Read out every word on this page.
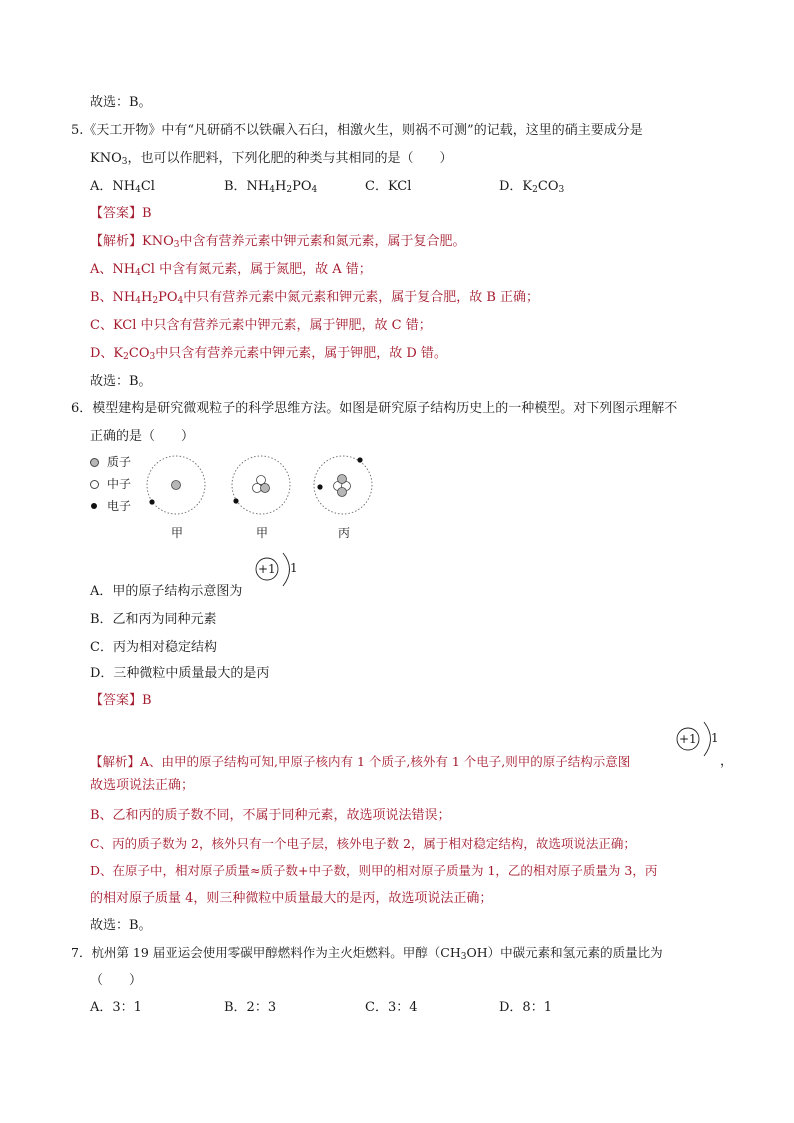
故选：B。
5.《天工开物》中有“凡研硝不以铁碾入石臼，相激火生，则祸不可测”的记载，这里的硝主要成分是
$KNO_3$，也可以作肥料，下列化肥的种类与其相同的是（　　）
A．$NH_4Cl$	B．$NH_4H_2PO_4$	C．KCl	D．$K_2CO_3$
【答案】B
【解析】$KNO_3$中含有营养元素中钾元素和氮元素，属于复合肥。
A、$NH_4Cl$ 中含有氮元素，属于氮肥，故 A 错；
B、$NH_4H_2PO_4$中只有营养元素中氮元素和钾元素，属于复合肥，故 B 正确；
C、KCl 中只含有营养元素中钾元素，属于钾肥，故 C 错；
D、$K_2CO_3$中只含有营养元素中钾元素，属于钾肥，故 D 错。
故选：B。
6．模型建构是研究微观粒子的科学思维方法。如图是研究原子结构历史上的一种模型。对下列图示理解不
正确的是（　　）
质子
中子
电子
甲	甲	丙
A．甲的原子结构示意图为
+1 1
B．乙和丙为同种元素
C．丙为相对稳定结构
D．三种微粒中质量最大的是丙
【答案】B
+1 1
【解析】A、由甲的原子结构可知,甲原子核内有 1 个质子,核外有 1 个电子,则甲的原子结构示意图	，
故选项说法正确；
B、乙和丙的质子数不同，不属于同种元素，故选项说法错误；
C、丙的质子数为 2，核外只有一个电子层，核外电子数 2，属于相对稳定结构，故选项说法正确；
D、在原子中，相对原子质量≈质子数+中子数，则甲的相对原子质量为 1，乙的相对原子质量为 3，丙
的相对原子质量 4，则三种微粒中质量最大的是丙，故选项说法正确；
故选：B。
7．杭州第 19 届亚运会使用零碳甲醇燃料作为主火炬燃料。甲醇$(CH_3OH)$中碳元素和氢元素的质量比为
（　　）
A．3：1	B．2：3	C．3：4	D．8：1
